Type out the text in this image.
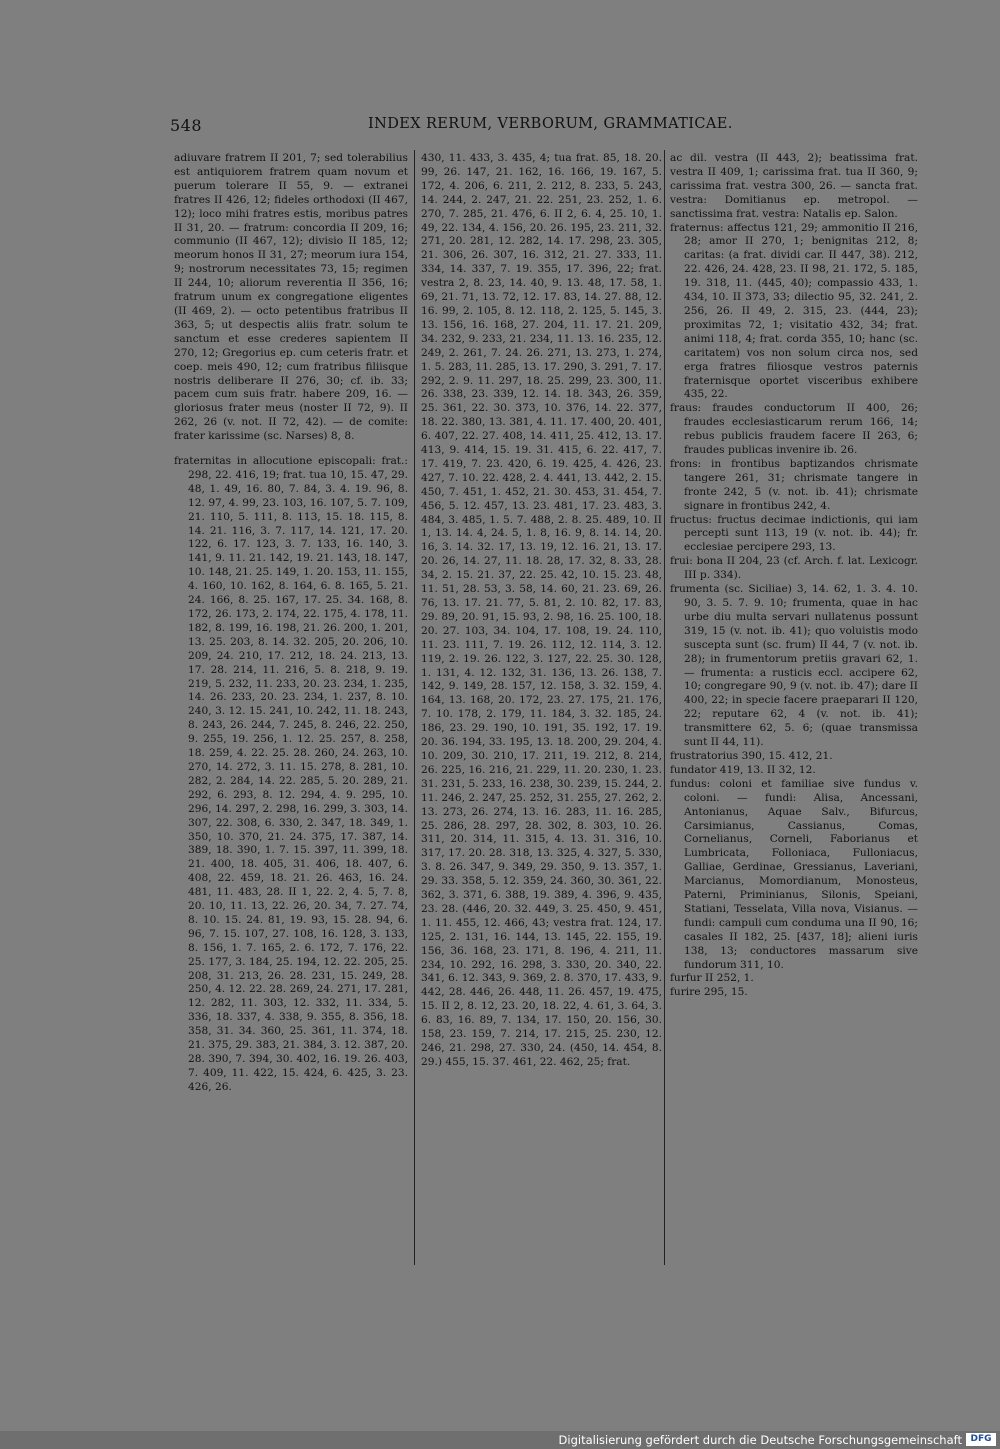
548	INDEX RERUM, VERBORUM, GRAMMATICAE.

adiuvare fratrem II 201, 7; sed tolerabilius est antiquiorem fratrem quam novum et puerum tolerare II 55, 9. — extranei fratres II 426, 12; fideles orthodoxi (II 467, 12); loco mihi fratres estis, moribus patres II 31, 20. — fratrum: concordia II 209, 16; communio (II 467, 12); divisio II 185, 12; meorum honos II 31, 27; meorum iura 154, 9; nostrorum necessitates 73, 15; regimen II 244, 10; aliorum reverentia II 356, 16; fratrum unum ex congregatione eligentes (II 469, 2). — octo petentibus fratribus II 363, 5; ut despectis aliis fratr. solum te sanctum et esse crederes sapientem II 270, 12; Gregorius ep. cum ceteris fratr. et coep. meis 490, 12; cum fratribus filiisque nostris deliberare II 276, 30; cf. ib. 33; pacem cum suis fratr. habere 209, 16. — gloriosus frater meus (noster II 72, 9). II 262, 26 (v. not. II 72, 42). — de comite: frater karissime (sc. Narses) 8, 8.

fraternitas in allocutione episcopali: frat.: 298, 22. 416, 19; frat. tua 10, 15. 47, 29. 48, 1. 49, 16. 80, 7. 84, 3. 4. 19. 96, 8. 12. 97, 4. 99, 23. 103, 16. 107, 5. 7. 109, 21. 110, 5. 111, 8. 113, 15. 18. 115, 8. 14. 21. 116, 3. 7. 117, 14. 121, 17. 20. 122, 6. 17. 123, 3. 7. 133, 16. 140, 3. 141, 9. 11. 21. 142, 19. 21. 143, 18. 147, 10. 148, 21. 25. 149, 1. 20. 153, 11. 155, 4. 160, 10. 162, 8. 164, 6. 8. 165, 5. 21. 24. 166, 8. 25. 167, 17. 25. 34. 168, 8. 172, 26. 173, 2. 174, 22. 175, 4. 178, 11. 182, 8. 199, 16. 198, 21. 26. 200, 1. 201, 13. 25. 203, 8. 14. 32. 205, 20. 206, 10. 209, 24. 210, 17. 212, 18. 24. 213, 13. 17. 28. 214, 11. 216, 5. 8. 218, 9. 19. 219, 5. 232, 11. 233, 20. 23. 234, 1. 235, 14. 26. 233, 20. 23. 234, 1. 237, 8. 10. 240, 3. 12. 15. 241, 10. 242, 11. 18. 243, 8. 243, 26. 244, 7. 245, 8. 246, 22. 250, 9. 255, 19. 256, 1. 12. 25. 257, 8. 258, 18. 259, 4. 22. 25. 28. 260, 24. 263, 10. 270, 14. 272, 3. 11. 15. 278, 8. 281, 10. 282, 2. 284, 14. 22. 285, 5. 20. 289, 21. 292, 6. 293, 8. 12. 294, 4. 9. 295, 10. 296, 14. 297, 2. 298, 16. 299, 3. 303, 14. 307, 22. 308, 6. 330, 2. 347, 18. 349, 1. 350, 10. 370, 21. 24. 375, 17. 387, 14. 389, 18. 390, 1. 7. 15. 397, 11. 399, 18. 21. 400, 18. 405, 31. 406, 18. 407, 6. 408, 22. 459, 18. 21. 26. 463, 16. 24. 481, 11. 483, 28. II 1, 22. 2, 4. 5, 7. 8, 20. 10, 11. 13, 22. 26, 20. 34, 7. 27. 74, 8. 10. 15. 24. 81, 19. 93, 15. 28. 94, 6. 96, 7. 15. 107, 27. 108, 16. 128, 3. 133, 8. 156, 1. 7. 165, 2. 6. 172, 7. 176, 22. 25. 177, 3. 184, 25. 194, 12. 22. 205, 25. 208, 31. 213, 26. 28. 231, 15. 249, 28. 250, 4. 12. 22. 28. 269, 24. 271, 17. 281, 12. 282, 11. 303, 12. 332, 11. 334, 5. 336, 18. 337, 4. 338, 9. 355, 8. 356, 18. 358, 31. 34. 360, 25. 361, 11. 374, 18. 21. 375, 29. 383, 21. 384, 3. 12. 387, 20. 28. 390, 7. 394, 30. 402, 16. 19. 26. 403, 7. 409, 11. 422, 15. 424, 6. 425, 3. 23. 426, 26.

430, 11. 433, 3. 435, 4; tua frat. 85, 18. 20. 99, 26. 147, 21. 162, 16. 166, 19. 167, 5. 172, 4. 206, 6. 211, 2. 212, 8. 233, 5. 243, 14. 244, 2. 247, 21. 22. 251, 23. 252, 1. 6. 270, 7. 285, 21. 476, 6. II 2, 6. 4, 25. 10, 1. 49, 22. 134, 4. 156, 20. 26. 195, 23. 211, 32. 271, 20. 281, 12. 282, 14. 17. 298, 23. 305, 21. 306, 26. 307, 16. 312, 21. 27. 333, 11. 334, 14. 337, 7. 19. 355, 17. 396, 22; frat. vestra 2, 8. 23, 14. 40, 9. 13. 48, 17. 58, 1. 69, 21. 71, 13. 72, 12. 17. 83, 14. 27. 88, 12. 16. 99, 2. 105, 8. 12. 118, 2. 125, 5. 145, 3. 13. 156, 16. 168, 27. 204, 11. 17. 21. 209, 34. 232, 9. 233, 21. 234, 11. 13. 16. 235, 12. 249, 2. 261, 7. 24. 26. 271, 13. 273, 1. 274, 1. 5. 283, 11. 285, 13. 17. 290, 3. 291, 7. 17. 292, 2. 9. 11. 297, 18. 25. 299, 23. 300, 11. 26. 338, 23. 339, 12. 14. 18. 343, 26. 359, 25. 361, 22. 30. 373, 10. 376, 14. 22. 377, 18. 22. 380, 13. 381, 4. 11. 17. 400, 20. 401, 6. 407, 22. 27. 408, 14. 411, 25. 412, 13. 17. 413, 9. 414, 15. 19. 31. 415, 6. 22. 417, 7. 17. 419, 7. 23. 420, 6. 19. 425, 4. 426, 23. 427, 7. 10. 22. 428, 2. 4. 441, 13. 442, 2. 15. 450, 7. 451, 1. 452, 21. 30. 453, 31. 454, 7. 456, 5. 12. 457, 13. 23. 481, 17. 23. 483, 3. 484, 3. 485, 1. 5. 7. 488, 2. 8. 25. 489, 10. II 1, 13. 14. 4, 24. 5, 1. 8, 16. 9, 8. 14. 14, 20. 16, 3. 14. 32. 17, 13. 19, 12. 16. 21, 13. 17. 20. 26, 14. 27, 11. 18. 28, 17. 32, 8. 33, 28. 34, 2. 15. 21. 37, 22. 25. 42, 10. 15. 23. 48, 11. 51, 28. 53, 3. 58, 14. 60, 21. 23. 69, 26. 76, 13. 17. 21. 77, 5. 81, 2. 10. 82, 17. 83, 29. 89, 20. 91, 15. 93, 2. 98, 16. 25. 100, 18. 20. 27. 103, 34. 104, 17. 108, 19. 24. 110, 11. 23. 111, 7. 19. 26. 112, 12. 114, 3. 12. 119, 2. 19. 26. 122, 3. 127, 22. 25. 30. 128, 1. 131, 4. 12. 132, 31. 136, 13. 26. 138, 7. 142, 9. 149, 28. 157, 12. 158, 3. 32. 159, 4. 164, 13. 168, 20. 172, 23. 27. 175, 21. 176, 7. 10. 178, 2. 179, 11. 184, 3. 32. 185, 24. 186, 23. 29. 190, 10. 191, 35. 192, 17. 19. 20. 36. 194, 33. 195, 13. 18. 200, 29. 204, 4. 10. 209, 30. 210, 17. 211, 19. 212, 8. 214, 26. 225, 16. 216, 21. 229, 11. 20. 230, 1. 23. 31. 231, 5. 233, 16. 238, 30. 239, 15. 244, 2. 11. 246, 2. 247, 25. 252, 31. 255, 27. 262, 2. 13. 273, 26. 274, 13. 16. 283, 11. 16. 285, 25. 286, 28. 297, 28. 302, 8. 303, 10. 26. 311, 20. 314, 11. 315, 4. 13. 31. 316, 10. 317, 17. 20. 28. 318, 13. 325, 4. 327, 5. 330, 3. 8. 26. 347, 9. 349, 29. 350, 9. 13. 357, 1. 29. 33. 358, 5. 12. 359, 24. 360, 30. 361, 22. 362, 3. 371, 6. 388, 19. 389, 4. 396, 9. 435, 23. 28. (446, 20. 32. 449, 3. 25. 450, 9. 451, 1. 11. 455, 12. 466, 43; vestra frat. 124, 17. 125, 2. 131, 16. 144, 13. 145, 22. 155, 19. 156, 36. 168, 23. 171, 8. 196, 4. 211, 11. 234, 10. 292, 16. 298, 3. 330, 20. 340, 22. 341, 6. 12. 343, 9. 369, 2. 8. 370, 17. 433, 9. 442, 28. 446, 26. 448, 11. 26. 457, 19. 475, 15. II 2, 8. 12, 23. 20, 18. 22, 4. 61, 3. 64, 3. 6. 83, 16. 89, 7. 134, 17. 150, 20. 156, 30. 158, 23. 159, 7. 214, 17. 215, 25. 230, 12. 246, 21. 298, 27. 330, 24. (450, 14. 454, 8. 29.) 455, 15. 37. 461, 22. 462, 25; frat.

ac dil. vestra (II 443, 2); beatissima frat. vestra II 409, 1; carissima frat. tua II 360, 9; carissima frat. vestra 300, 26. — sancta frat. vestra: Domitianus ep. metropol. — sanctissima frat. vestra: Natalis ep. Salon.

fraternus: affectus 121, 29; ammonitio II 216, 28; amor II 270, 1; benignitas 212, 8; caritas: (a frat. dividi car. II 447, 38). 212, 22. 426, 24. 428, 23. II 98, 21. 172, 5. 185, 19. 318, 11. (445, 40); compassio 433, 1. 434, 10. II 373, 33; dilectio 95, 32. 241, 2. 256, 26. II 49, 2. 315, 23. (444, 23); proximitas 72, 1; visitatio 432, 34; frat. animi 118, 4; frat. corda 355, 10; hanc (sc. caritatem) vos non solum circa nos, sed erga fratres filiosque vestros paternis fraternisque oportet visceribus exhibere 435, 22.

fraus: fraudes conductorum II 400, 26; fraudes ecclesiasticarum rerum 166, 14; rebus publicis fraudem facere II 263, 6; fraudes publicas invenire ib. 26.

frons: in frontibus baptizandos chrismate tangere 261, 31; chrismate tangere in fronte 242, 5 (v. not. ib. 41); chrismate signare in frontibus 242, 4.

fructus: fructus decimae indictionis, qui iam percepti sunt 113, 19 (v. not. ib. 44); fr. ecclesiae percipere 293, 13.

frui: bona II 204, 23 (cf. Arch. f. lat. Lexicogr. III p. 334).

frumenta (sc. Siciliae) 3, 14. 62, 1. 3. 4. 10. 90, 3. 5. 7. 9. 10; frumenta, quae in hac urbe diu multa servari nullatenus possunt 319, 15 (v. not. ib. 41); quo voluistis modo suscepta sunt (sc. frum) II 44, 7 (v. not. ib. 28); in frumentorum pretiis gravari 62, 1. — frumenta: a rusticis eccl. accipere 62, 10; congregare 90, 9 (v. not. ib. 47); dare II 400, 22; in specie facere praeparari II 120, 22; reputare 62, 4 (v. not. ib. 41); transmittere 62, 5. 6; (quae transmissa sunt II 44, 11).

frustratorius 390, 15. 412, 21.

fundator 419, 13. II 32, 12.

fundus: coloni et familiae sive fundus v. coloni. — fundi: Alisa, Ancessani, Antonianus, Aquae Salv., Bifurcus, Carsimianus, Cassianus, Comas, Cornelianus, Corneli, Faborianus et Lumbricata, Folloniaca, Fulloniacus, Galliae, Gerdinae, Gressianus, Laveriani, Marcianus, Momordianum, Monosteus, Paterni, Priminianus, Silonis, Speiani, Statiani, Tesselata, Villa nova, Visianus. — fundi: campuli cum conduma una II 90, 16; casales II 182, 25. [437, 18]; alieni iuris 138, 13; conductores massarum sive fundorum 311, 10.

furfur II 252, 1.

furire 295, 15.

Digitalisierung gefördert durch die Deutsche Forschungsgemeinschaft DFG
